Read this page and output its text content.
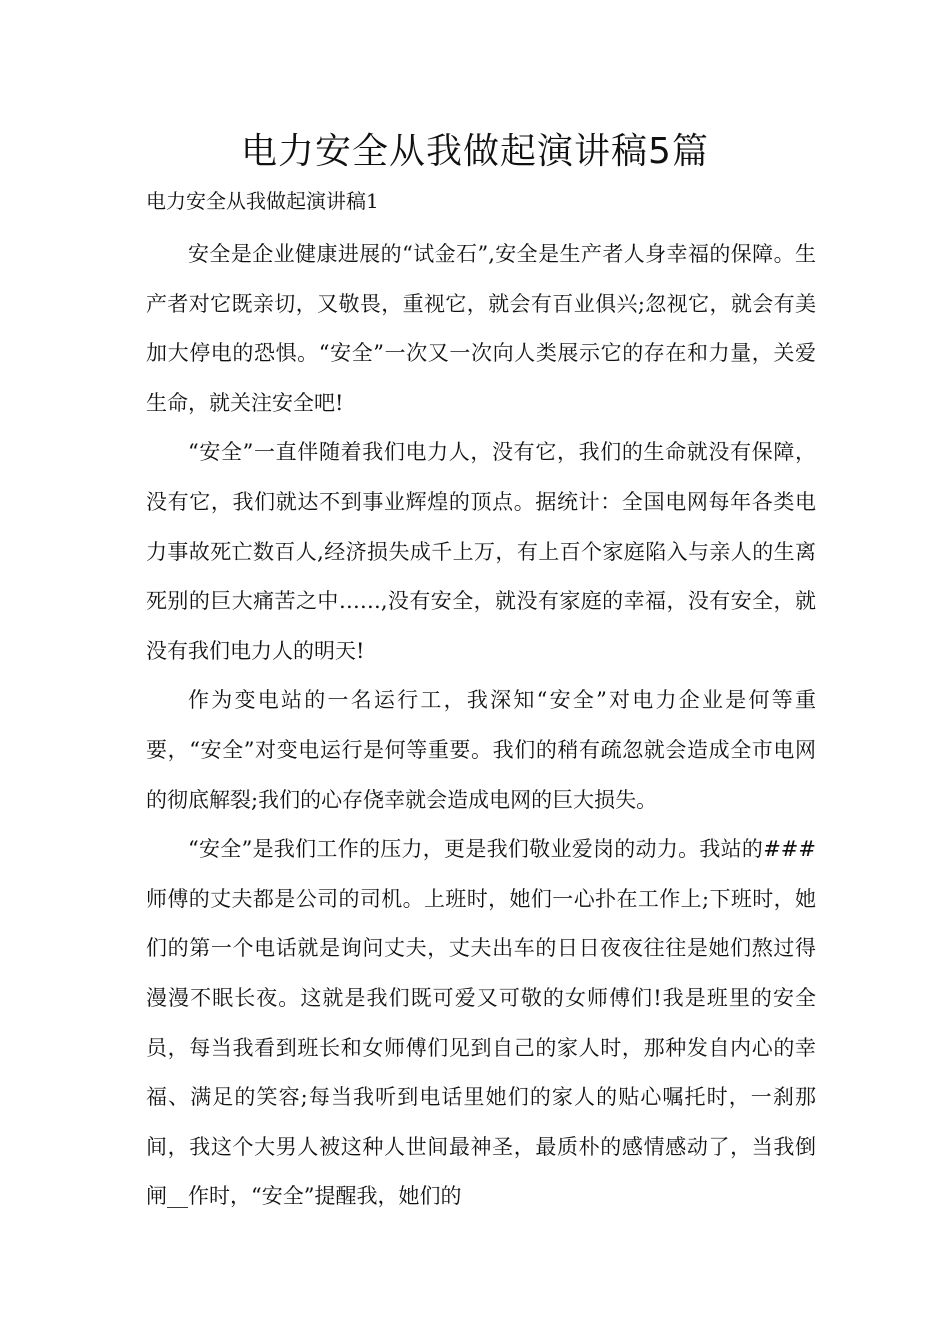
电力安全从我做起演讲稿5篇

电力安全从我做起演讲稿1

安全是企业健康进展的“试金石”,安全是生产者人身幸福的保障。生产者对它既亲切，又敬畏，重视它，就会有百业俱兴;忽视它，就会有美加大停电的恐惧。“安全”一次又一次向人类展示它的存在和力量，关爱生命，就关注安全吧!

“安全”一直伴随着我们电力人，没有它，我们的生命就没有保障，没有它，我们就达不到事业辉煌的顶点。据统计：全国电网每年各类电力事故死亡数百人,经济损失成千上万，有上百个家庭陷入与亲人的生离死别的巨大痛苦之中……,没有安全，就没有家庭的幸福，没有安全，就没有我们电力人的明天!

作为变电站的一名运行工，我深知“安全”对电力企业是何等重要，“安全”对变电运行是何等重要。我们的稍有疏忽就会造成全市电网的彻底解裂;我们的心存侥幸就会造成电网的巨大损失。

“安全”是我们工作的压力，更是我们敬业爱岗的动力。我站的###师傅的丈夫都是公司的司机。上班时，她们一心扑在工作上;下班时，她们的第一个电话就是询问丈夫，丈夫出车的日日夜夜往往是她们熬过得漫漫不眠长夜。这就是我们既可爱又可敬的女师傅们!我是班里的安全员，每当我看到班长和女师傅们见到自己的家人时，那种发自内心的幸福、满足的笑容;每当我听到电话里她们的家人的贴心嘱托时，一刹那间，我这个大男人被这种人世间最神圣，最质朴的感情感动了，当我倒闸__作时，“安全”提醒我，她们的
